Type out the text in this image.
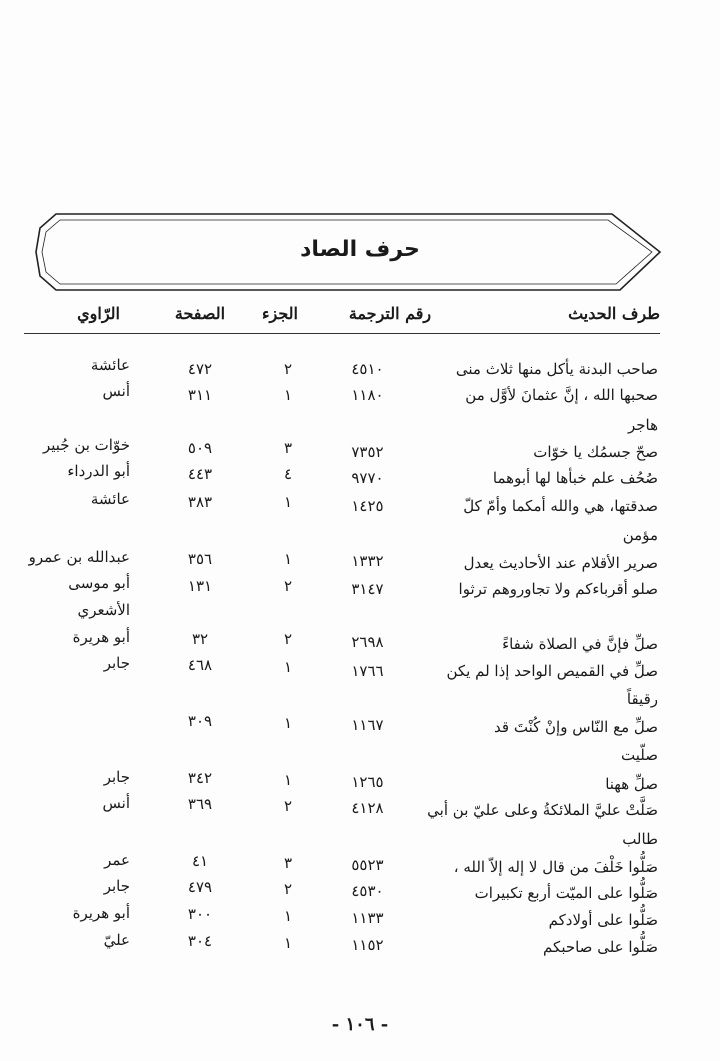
حرف الصاد
طرف الحديث
رقم الترجمة
الجزء
الصفحة
الرّاوي
صاحب البدنة يأكل منها ثلاث منى
٤٥١٠
٢
٤٧٢
عائشة
صحبها الله ، إنَّ عثمانَ لأوَّل من
هاجر
١١٨٠
١
٣١١
أنس
صحّ جسمُك يا خوّات
٧٣٥٢
٣
٥٠٩
خوّات بن جُبير
صُحُف علم خبأها لها أبوهما
٩٧٧٠
٤
٤٤٣
أبو الدرداء
صدقتها، هي والله أمكما وأمّ كلّ
مؤمن
١٤٢٥
١
٣٨٣
عائشة
صرير الأقلام عند الأحاديث يعدل
١٣٣٢
١
٣٥٦
عبدالله بن عمرو
صلو أقرباءكم ولا تجاوروهم ترثوا
٣١٤٧
٢
١٣١
أبو موسى
الأشعري
صلِّ فإنَّ في الصلاة شفاءً
٢٦٩٨
٢
٣٢
أبو هريرة
صلِّ في القميص الواحد إذا لم يكن
رقيقاً
١٧٦٦
١
٤٦٨
جابر
صلِّ مع النّاس وإنْ كُنْتَ قد
صلّيت
١١٦٧
١
٣٠٩
صلِّ ههنا
١٢٦٥
١
٣٤٢
جابر
صَلَّتْ عليَّ الملائكةُ وعلى عليّ بن أبي
طالب
٤١٢٨
٢
٣٦٩
أنس
صَلُّوا خَلْفَ من قال لا إله إلاّ الله ،
٥٥٢٣
٣
٤١
عمر
صَلُّوا على الميّت أربع تكبيرات
٤٥٣٠
٢
٤٧٩
جابر
صَلُّوا على أولادكم
١١٣٣
١
٣٠٠
أبو هريرة
صَلُّوا على صاحبكم
١١٥٢
١
٣٠٤
عليّ
- ١٠٦ -
